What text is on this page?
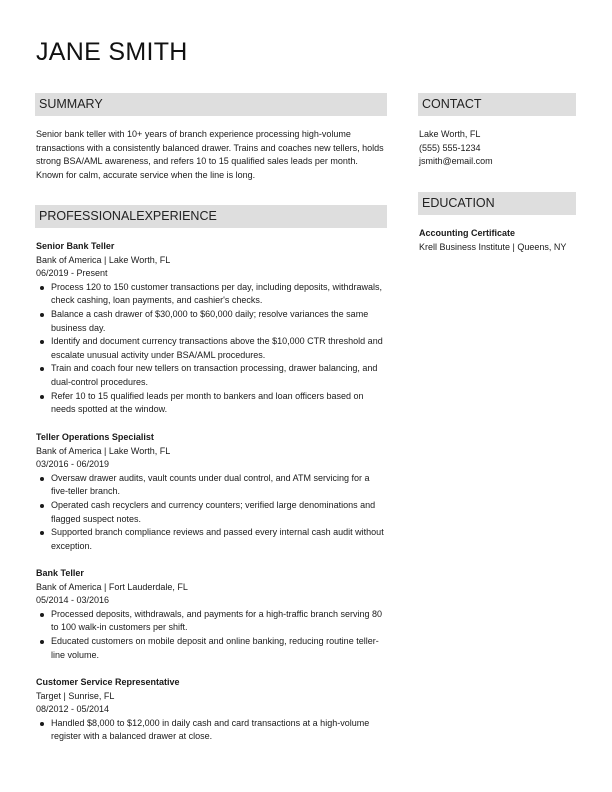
JANE SMITH
SUMMARY	CONTACT
EDUCATION
PROFESSIONALEXPERIENCE
Senior bank teller with 10+ years of branch experience processing high-volume transactions with a consistently balanced drawer. Trains and coaches new tellers, holds strong BSA/AML awareness, and refers 10 to 15 qualified sales leads per month. Known for calm, accurate service when the line is long.
Lake Worth, FL
(555) 555-1234
jsmith@email.com
Accounting Certificate
Krell Business Institute | Queens, NY
Senior Bank Teller
Bank of America | Lake Worth, FL
06/2019 - Present
Process 120 to 150 customer transactions per day, including deposits, withdrawals, check cashing, loan payments, and cashier's checks.
Balance a cash drawer of $30,000 to $60,000 daily; resolve variances the same business day.
Identify and document currency transactions above the $10,000 CTR threshold and escalate unusual activity under BSA/AML procedures.
Train and coach four new tellers on transaction processing, drawer balancing, and dual-control procedures.
Refer 10 to 15 qualified leads per month to bankers and loan officers based on needs spotted at the window.
Teller Operations Specialist
Bank of America | Lake Worth, FL
03/2016 - 06/2019
Oversaw drawer audits, vault counts under dual control, and ATM servicing for a five-teller branch.
Operated cash recyclers and currency counters; verified large denominations and flagged suspect notes.
Supported branch compliance reviews and passed every internal cash audit without exception.
Bank Teller
Bank of America | Fort Lauderdale, FL
05/2014 - 03/2016
Processed deposits, withdrawals, and payments for a high-traffic branch serving 80 to 100 walk-in customers per shift.
Educated customers on mobile deposit and online banking, reducing routine teller-line volume.
Customer Service Representative
Target | Sunrise, FL
08/2012 - 05/2014
Handled $8,000 to $12,000 in daily cash and card transactions at a high-volume register with a balanced drawer at close.
